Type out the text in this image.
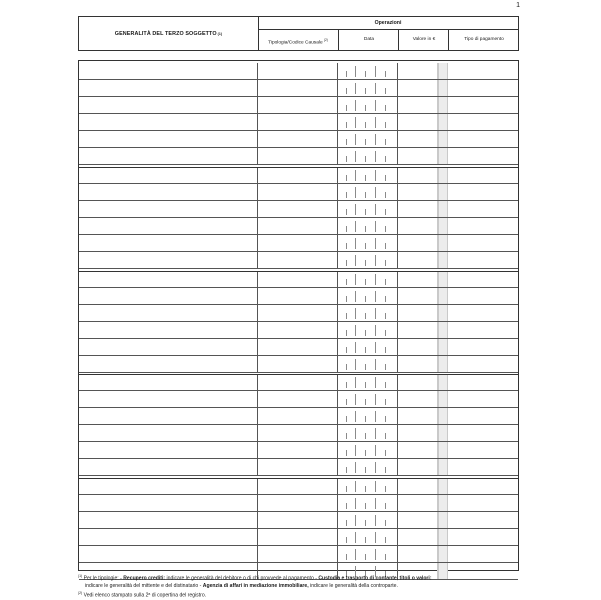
1
GENERALITÀ DEL TERZO SOGGETTO (1)
Operazioni
Tipologia/Codice Causale $^{(2)}$	Data	Valore in €	Tipo di pagamento
$^{(1)}$ Per le tipologie: - Recupero crediti: indicare le generalità del debitore o di chi provvede al pagamento - Custodia e trasporto di contante, titoli o valori:
indicare le generalità del mittente e del distinatario - Agenzia di affari in mediazione immobiliare, indicare le generalità della controparte.
$^{(2)}$ Vedi elenco stampato sulla 2ª di copertina del registro.
